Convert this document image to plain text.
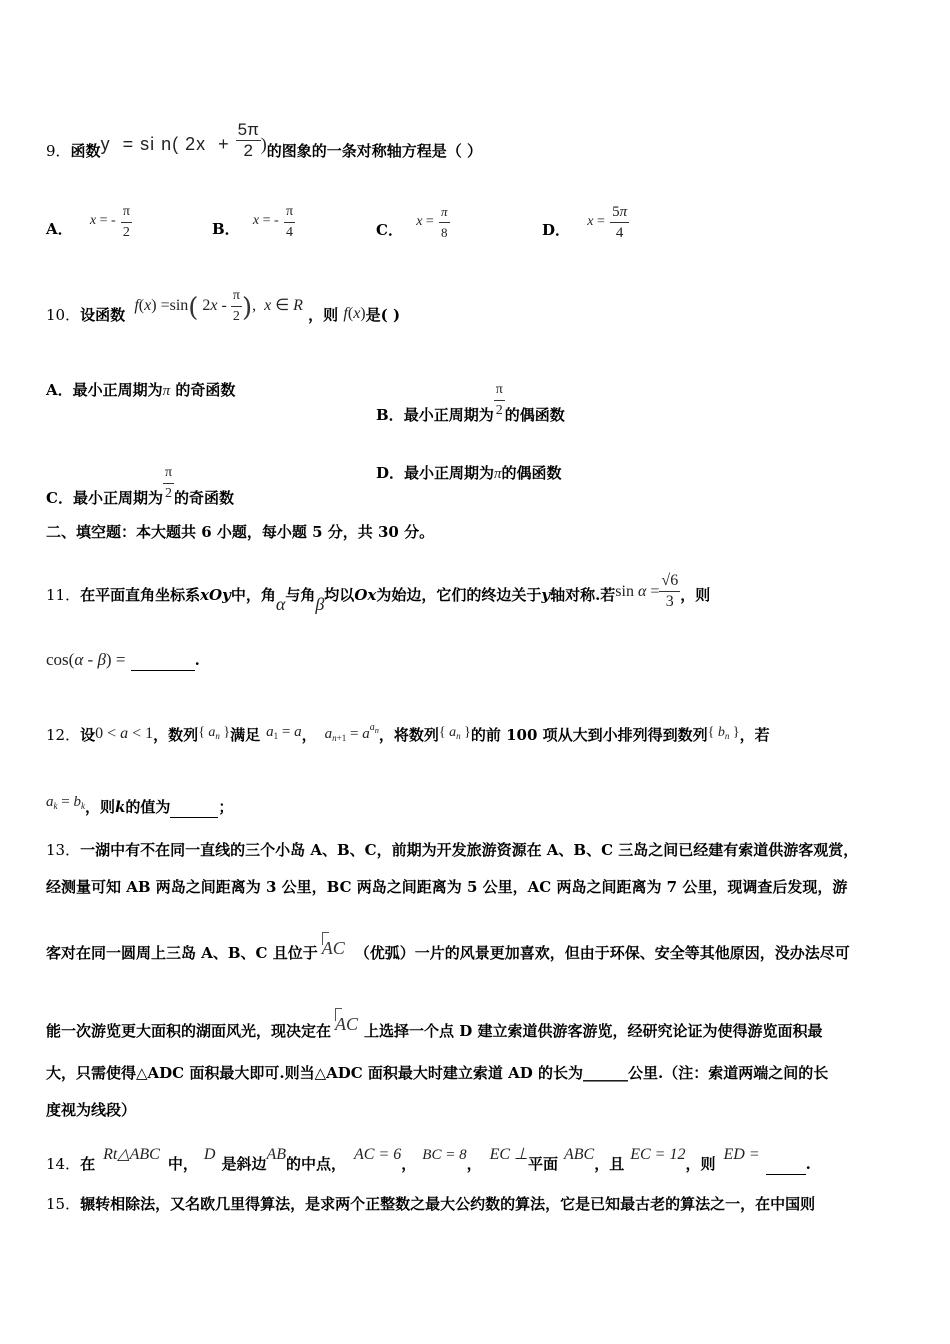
9．函数y  = si n( $2x + \frac{5\pi}{2}$ )的图象的一条对称轴方程是（ ）
A． x = - $\frac{\pi}{2}$	B． x = - $\frac{\pi}{4}$	C． $x = \frac{\pi}{8}$	D． $x = \frac{5\pi}{4}$
10．设函数 f(x) =sin( $2x - \frac{\pi}{2}$ ),  x ∈ R ，则 f(x)是( )
A．最小正周期为π 的奇函数
B．最小正周期为 $\frac{\pi}{2}$ 的偶函数
C．最小正周期为 $\frac{\pi}{2}$ 的奇函数
D．最小正周期为π的偶函数
二、填空题：本大题共 6 小题，每小题 5 分，共 30 分。
11．在平面直角坐标系xOy中，角α与角β均以Ox为始边，它们的终边关于y轴对称.若$\sin \alpha = \frac{√6}{3}$ ，则
cos(α - β) =	.
12．设0 < a < 1，数列{ $a_n$ }满足 $a_1 = a$， $a_{n+1} = a^{a_n}$，将数列{ $a_n$ }的前 100 项从大到小排列得到数列{ $b_n$ }，若
$a_k = b_k$，则k的值为	；
13．一湖中有不在同一直线的三个小岛 A、B、C，前期为开发旅游资源在 A、B、C 三岛之间已经建有索道供游客观赏，
经测量可知 AB 两岛之间距离为 3 公里，BC 两岛之间距离为 5 公里，AC 两岛之间距离为 7 公里，现调查后发现，游
客对在同一圆周上三岛 A、B、C 且位于 AC （优弧）一片的风景更加喜欢，但由于环保、安全等其他原因，没办法尽可
能一次游览更大面积的湖面风光，现决定在 AC 上选择一个点 D 建立索道供游客游览，经研究论证为使得游览面积最
大，只需使得△ADC 面积最大即可.则当△ADC 面积最大时建立索道 AD 的长为______公里.（注：索道两端之间的长
度视为线段）
14．在Rt△ABC中，D是斜边AB的中点，AC = 6， BC = 8，EC ⊥平面ABC，且EC = 12，则ED = .
15．辗转相除法，又名欧几里得算法，是求两个正整数之最大公约数的算法，它是已知最古老的算法之一，在中国则
